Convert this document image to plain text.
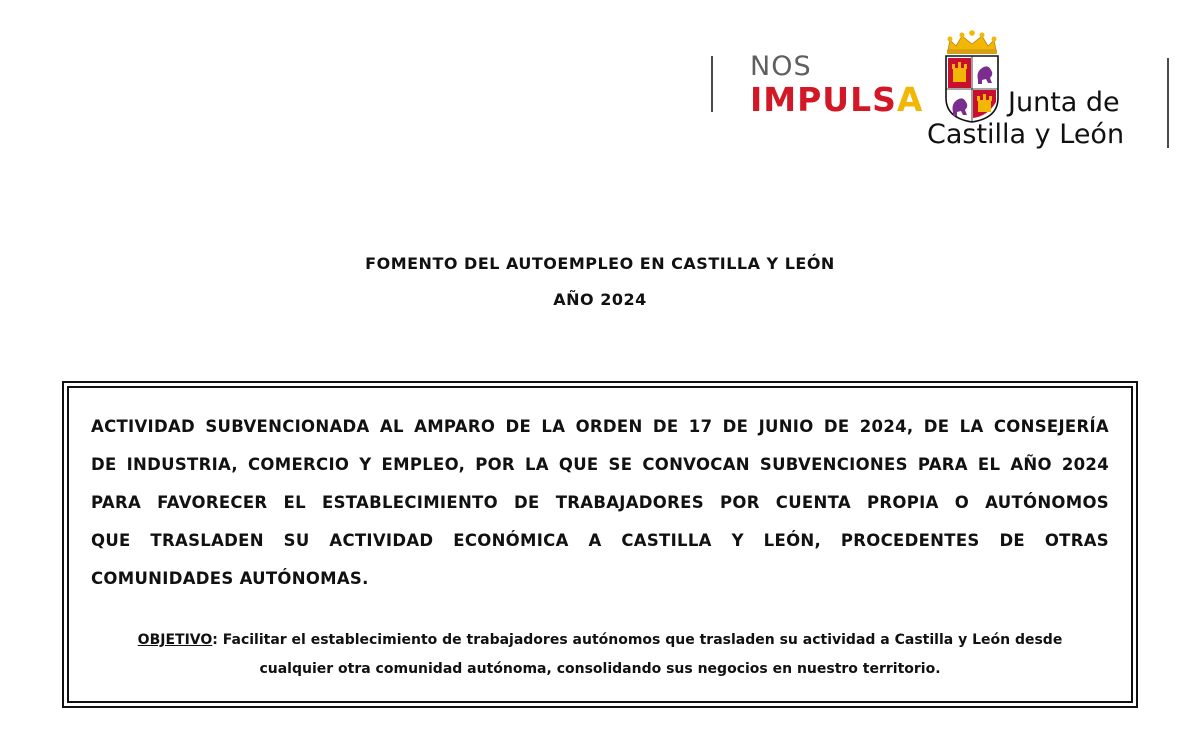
NOS
IMPULSA	Junta de
Castilla y León
FOMENTO DEL AUTOEMPLEO EN CASTILLA Y LEÓN
AÑO 2024
ACTIVIDAD SUBVENCIONADA AL AMPARO DE LA ORDEN DE 17 DE JUNIO DE 2024, DE LA CONSEJERÍA
DE INDUSTRIA, COMERCIO Y EMPLEO, POR LA QUE SE CONVOCAN SUBVENCIONES PARA EL AÑO 2024
PARA FAVORECER EL ESTABLECIMIENTO DE TRABAJADORES POR CUENTA PROPIA O AUTÓNOMOS
QUE TRASLADEN SU ACTIVIDAD ECONÓMICA A CASTILLA Y LEÓN, PROCEDENTES DE OTRAS
COMUNIDADES AUTÓNOMAS.
OBJETIVO: Facilitar el establecimiento de trabajadores autónomos que trasladen su actividad a Castilla y León desde
cualquier otra comunidad autónoma, consolidando sus negocios en nuestro territorio.
